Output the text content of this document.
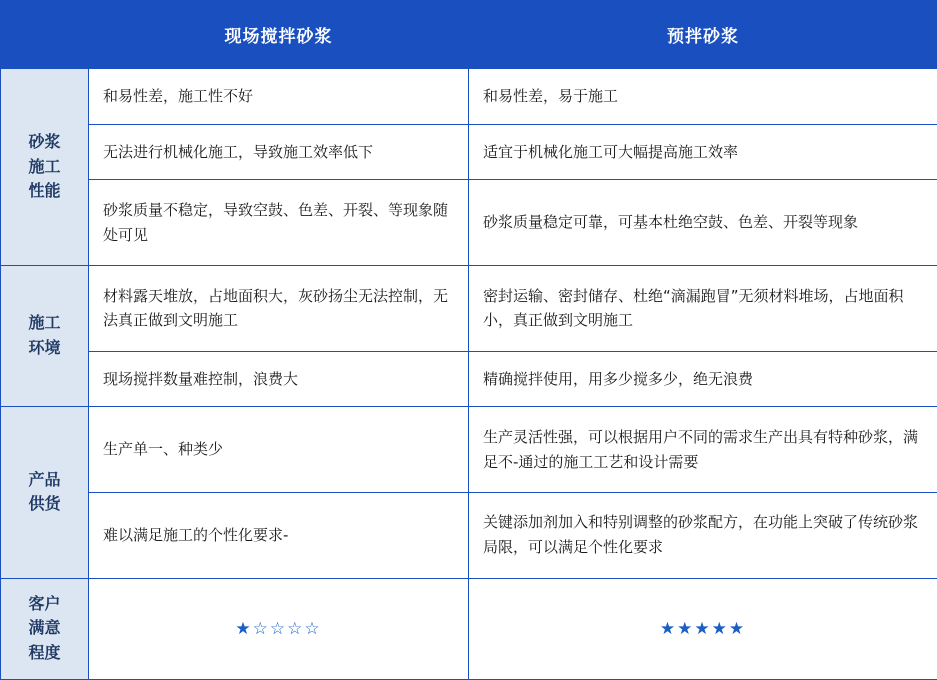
	现场搅拌砂浆	预拌砂浆
砂浆
施工
性能	和易性差，施工性不好	和易性差，易于施工
	无法进行机械化施工，导致施工效率低下	适宜于机械化施工可大幅提高施工效率
	砂浆质量不稳定，导致空鼓、色差、开裂、等现象随处可见	砂浆质量稳定可靠，可基本杜绝空鼓、色差、开裂等现象
施工
环境	材料露天堆放，占地面积大，灰砂扬尘无法控制，无法真正做到文明施工	密封运输、密封储存、杜绝“滴漏跑冒”无须材料堆场，占地面积小，真正做到文明施工
	现场搅拌数量难控制，浪费大	精确搅拌使用，用多少搅多少，绝无浪费
产品
供货	生产单一、种类少	生产灵活性强，可以根据用户不同的需求生产出具有特种砂浆，满足不-通过的施工工艺和设计需要
	难以满足施工的个性化要求-	关键添加剂加入和特别调整的砂浆配方，在功能上突破了传统砂浆局限，可以满足个性化要求
客户
满意
程度	★☆☆☆☆	★★★★★
